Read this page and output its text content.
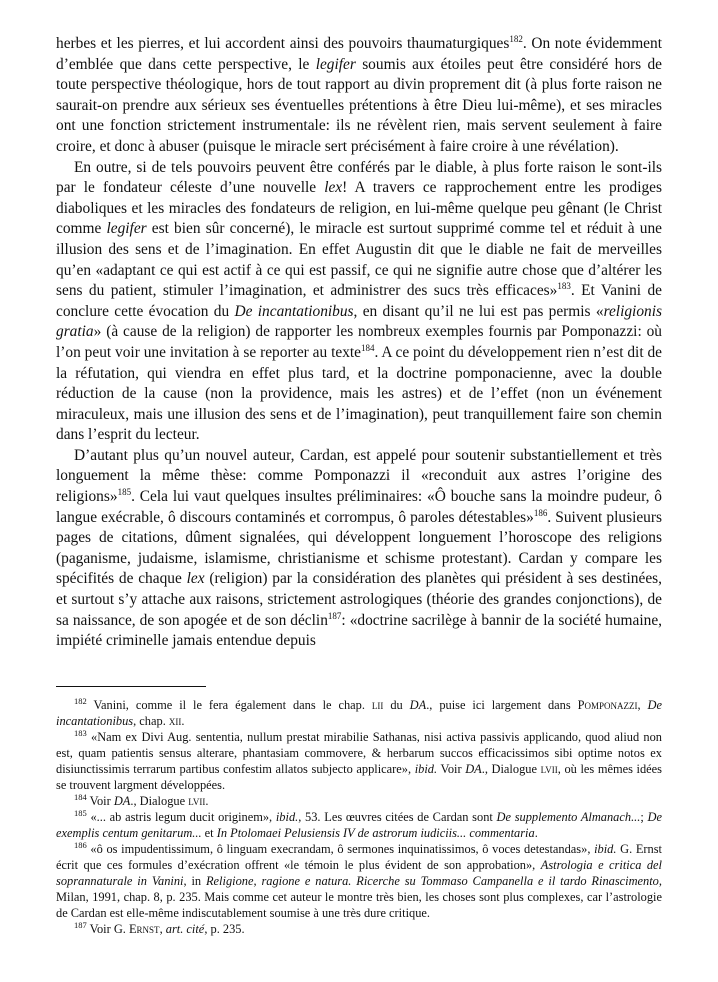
herbes et les pierres, et lui accordent ainsi des pouvoirs thaumaturgiques$^{182}$. On note évidemment d’emblée que dans cette perspective, le legifer soumis aux étoiles peut être considéré hors de toute perspective théologique, hors de tout rapport au divin proprement dit (à plus forte raison ne saurait-on prendre aux sérieux ses éventuelles prétentions à être Dieu lui-même), et ses miracles ont une fonction strictement instrumentale: ils ne révèlent rien, mais servent seulement à faire croire, et donc à abuser (puisque le miracle sert précisément à faire croire à une révélation).

En outre, si de tels pouvoirs peuvent être conférés par le diable, à plus forte raison le sont-ils par le fondateur céleste d’une nouvelle lex! A travers ce rapprochement entre les prodiges diaboliques et les miracles des fondateurs de religion, en lui-même quelque peu gênant (le Christ comme legifer est bien sûr concerné), le miracle est surtout supprimé comme tel et réduit à une illusion des sens et de l’imagination. En effet Augustin dit que le diable ne fait de merveilles qu’en «adaptant ce qui est actif à ce qui est passif, ce qui ne signifie autre chose que d’altérer les sens du patient, stimuler l’imagination, et administrer des sucs très efficaces»$^{183}$. Et Vanini de conclure cette évocation du De incantationibus, en disant qu’il ne lui est pas permis «religionis gratia» (à cause de la religion) de rapporter les nombreux exemples fournis par Pomponazzi: où l’on peut voir une invitation à se reporter au texte$^{184}$. A ce point du développement rien n’est dit de la réfutation, qui viendra en effet plus tard, et la doctrine pomponacienne, avec la double réduction de la cause (non la providence, mais les astres) et de l’effet (non un événement miraculeux, mais une illusion des sens et de l’imagination), peut tranquillement faire son chemin dans l’esprit du lecteur.

D’autant plus qu’un nouvel auteur, Cardan, est appelé pour soutenir substantiellement et très longuement la même thèse: comme Pomponazzi il «reconduit aux astres l’origine des religions»$^{185}$. Cela lui vaut quelques insultes préliminaires: «Ô bouche sans la moindre pudeur, ô langue exécrable, ô discours contaminés et corrompus, ô paroles détestables»$^{186}$. Suivent plusieurs pages de citations, dûment signalées, qui développent longuement l’horoscope des religions (paganisme, judaisme, islamisme, christianisme et schisme protestant). Cardan y compare les spécifités de chaque lex (religion) par la considération des planètes qui président à ses destinées, et surtout s’y attache aux raisons, strictement astrologiques (théorie des grandes conjonctions), de sa naissance, de son apogée et de son déclin$^{187}$: «doctrine sacrilège à bannir de la société humaine, impiété criminelle jamais entendue depuis

$^{182}$ Vanini, comme il le fera également dans le chap. lii du DA., puise ici largement dans Pomponazzi, De incantationibus, chap. xii.

$^{183}$ «Nam ex Divi Aug. sententia, nullum prestat mirabilie Sathanas, nisi activa passivis applicando, quod aliud non est, quam patientis sensus alterare, phantasiam commovere, & herbarum succos efficacissimos sibi optime notos ex disiunctissimis terrarum partibus confestim allatos subjecto applicare», ibid. Voir DA., Dialogue lvii, où les mêmes idées se trouvent largment développées.

$^{184}$ Voir DA., Dialogue lvii.

$^{185}$ «... ab astris legum ducit originem», ibid., 53. Les œuvres citées de Cardan sont De supplemento Almanach...; De exemplis centum genitarum... et In Ptolomaei Pelusiensis IV de astrorum iudiciis... commentaria.

$^{186}$ «ô os impudentissimum, ô linguam execrandam, ô sermones inquinatissimos, ô voces detestandas», ibid. G. Ernst écrit que ces formules d’exécration offrent «le témoin le plus évident de son approbation», Astrologia e critica del soprannaturale in Vanini, in Religione, ragione e natura. Ricerche su Tommaso Campanella e il tardo Rinascimento, Milan, 1991, chap. 8, p. 235. Mais comme cet auteur le montre très bien, les choses sont plus complexes, car l’astrologie de Cardan est elle-même indiscutablement soumise à une très dure critique.

$^{187}$ Voir G. Ernst, art. cité, p. 235.
